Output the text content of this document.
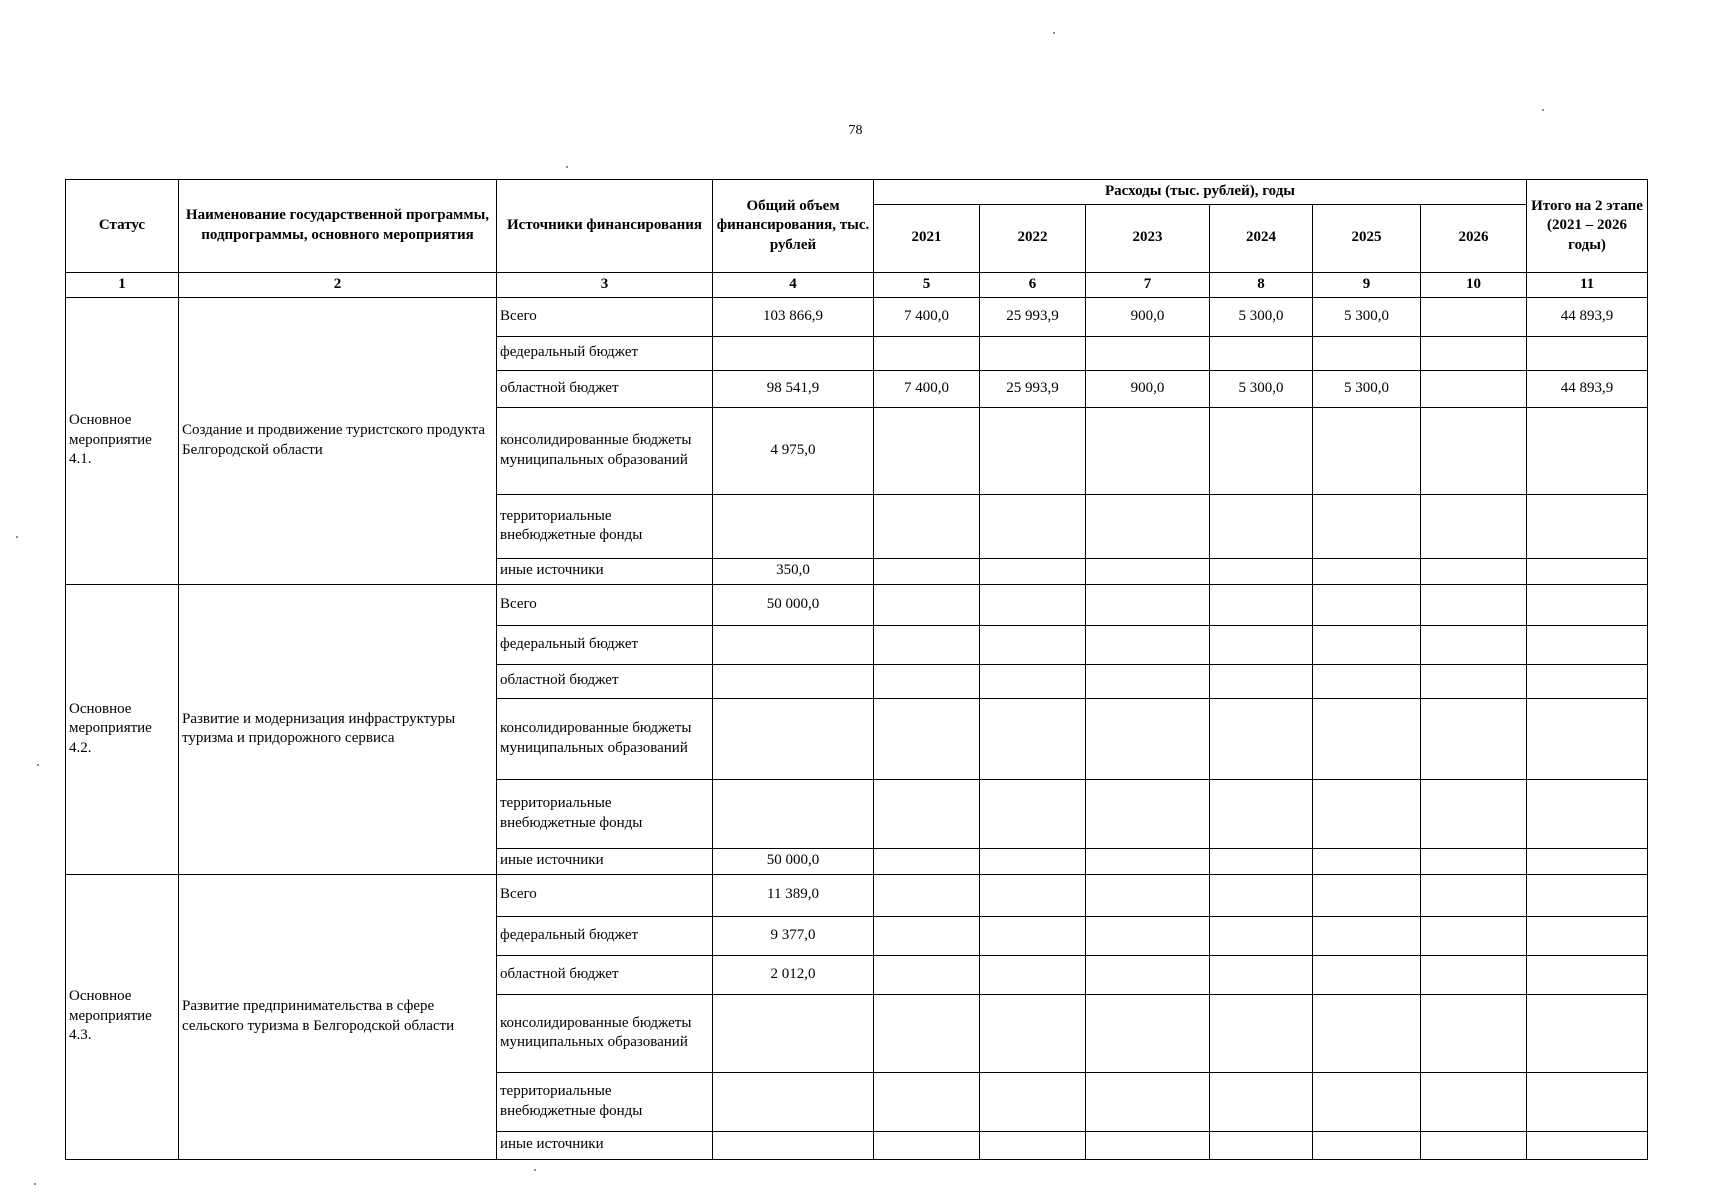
78
Статус	Наименование государственной программы, подпрограммы, основного мероприятия	Источники финансирования	Общий объем финансирования, тыс. рублей	Расходы (тыс. рублей), годы						Итого на 2 этапе (2021 – 2026 годы)
				2021	2022	2023	2024	2025	2026	
1	2	3	4	5	6	7	8	9	10	11
Основное мероприятие 4.1.	Создание и продвижение туристского продукта Белгородской области	Всего	103 866,9	7 400,0	25 993,9	900,0	5 300,0	5 300,0		44 893,9
		федеральный бюджет								
		областной бюджет	98 541,9	7 400,0	25 993,9	900,0	5 300,0	5 300,0		44 893,9
		консолидированные бюджеты муниципальных образований	4 975,0							
		территориальные внебюджетные фонды								
		иные источники	350,0							
Основное мероприятие 4.2.	Развитие и модернизация инфраструктуры туризма и придорожного сервиса	Всего	50 000,0							
		федеральный бюджет								
		областной бюджет								
		консолидированные бюджеты муниципальных образований								
		территориальные внебюджетные фонды								
		иные источники	50 000,0							
Основное мероприятие 4.3.	Развитие предпринимательства в сфере сельского туризма в Белгородской области	Всего	11 389,0							
		федеральный бюджет	9 377,0							
		областной бюджет	2 012,0							
		консолидированные бюджеты муниципальных образований								
		территориальные внебюджетные фонды								
		иные источники								
